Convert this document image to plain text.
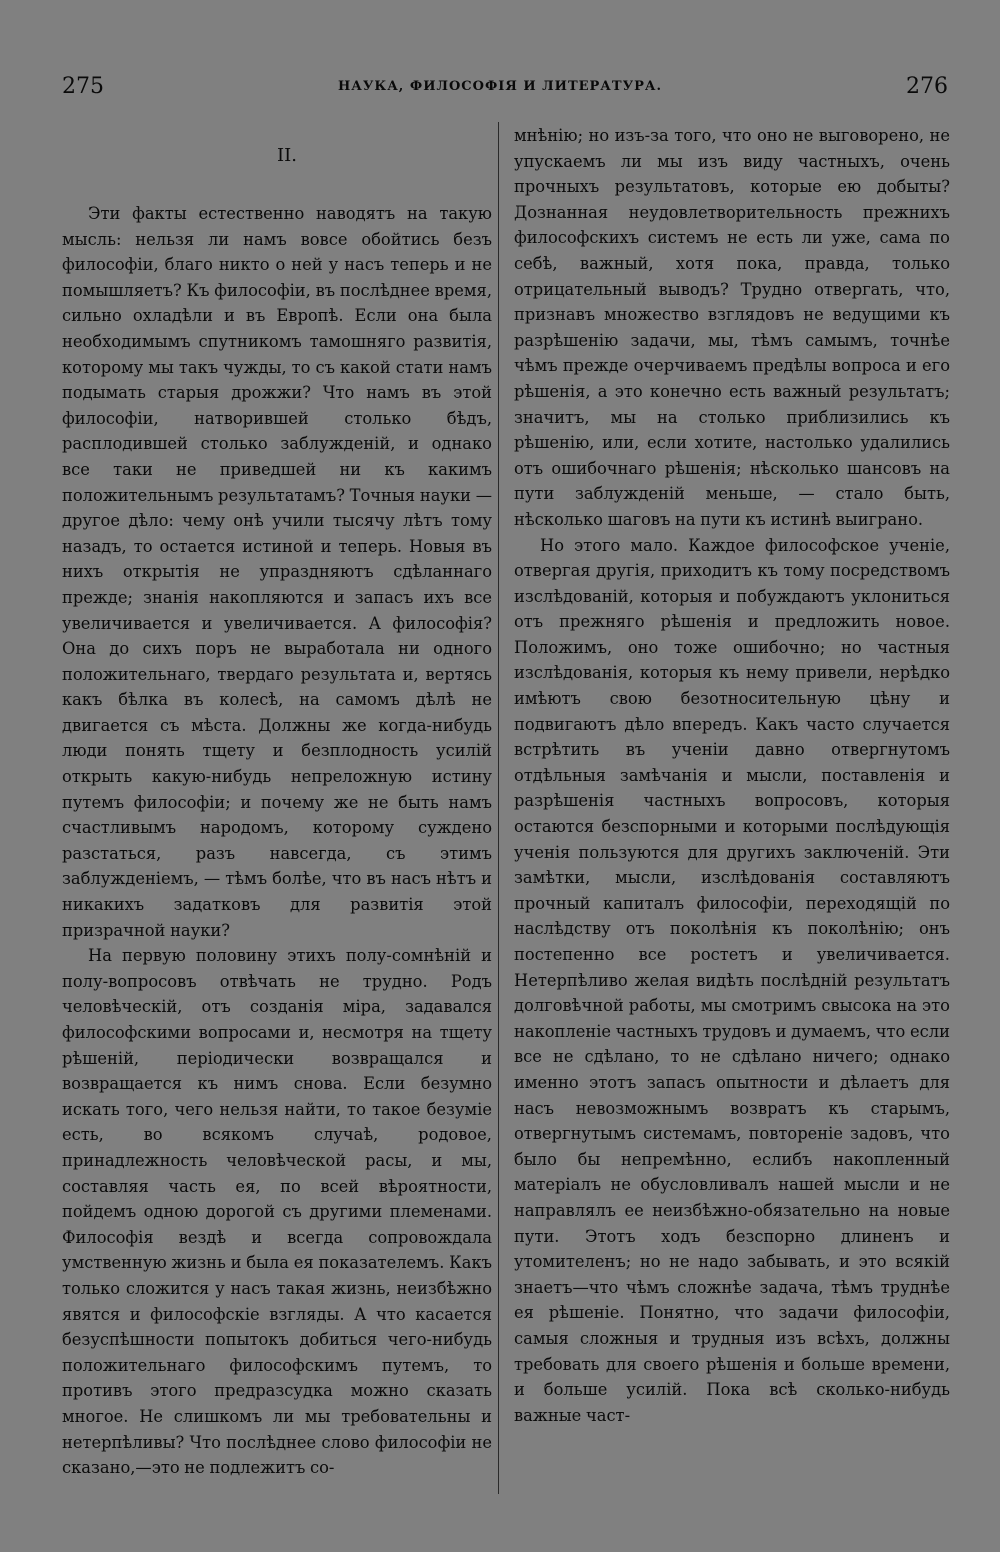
275	НАУКА, ФИЛОСОФІЯ И ЛИТЕРАТУРА.	276
II.

Эти факты естественно наводятъ на такую мысль: нельзя ли намъ вовсе обойтись безъ философіи, благо никто о ней у насъ теперь и не помышляетъ? Къ философіи, въ послѣднее время, сильно охладѣли и въ Европѣ. Если она была необходимымъ спутникомъ тамошняго развитія, которому мы такъ чужды, то съ какой стати намъ подымать старыя дрожжи? Что намъ въ этой философіи, натворившей столько бѣдъ, расплодившей столько заблужденій, и однако все таки не приведшей ни къ какимъ положительнымъ результатамъ? Точныя науки — другое дѣло: чему онѣ учили тысячу лѣтъ тому назадъ, то остается истиной и теперь. Новыя въ нихъ открытія не упраздняютъ сдѣланнаго прежде; знанія накопляются и запасъ ихъ все увеличивается и увеличивается. А философія? Она до сихъ поръ не выработала ни одного положительнаго, твердаго результата и, вертясь какъ бѣлка въ колесѣ, на самомъ дѣлѣ не двигается съ мѣста. Должны же когда-нибудь люди понять тщету и безплодность усилій открыть какую-нибудь непреложную истину путемъ философіи; и почему же не быть намъ счастливымъ народомъ, которому суждено разстаться, разъ навсегда, съ этимъ заблужденіемъ, — тѣмъ болѣе, что въ насъ нѣтъ и никакихъ задатковъ для развитія этой призрачной науки?

На первую половину этихъ полу-сомнѣній и полу-вопросовъ отвѣчать не трудно. Родъ человѣческій, отъ созданія міра, задавался философскими вопросами и, несмотря на тщету рѣшеній, періодически возвращался и возвращается къ нимъ снова. Если безумно искать того, чего нельзя найти, то такое безуміе есть, во всякомъ случаѣ, родовое, принадлежность человѣческой расы, и мы, составляя часть ея, по всей вѣроятности, пойдемъ одною дорогой съ другими племенами. Философія вездѣ и всегда сопровождала умственную жизнь и была ея показателемъ. Какъ только сложится у насъ такая жизнь, неизбѣжно явятся и философскіе взгляды. А что касается безуспѣшности попытокъ добиться чего-нибудь положительнаго философскимъ путемъ, то противъ этого предразсудка можно сказать многое. Не слишкомъ ли мы требовательны и нетерпѣливы? Что послѣднее слово философіи не сказано,—это не подлежитъ со-

мнѣнію; но изъ-за того, что оно не выговорено, не упускаемъ ли мы изъ виду частныхъ, очень прочныхъ результатовъ, которые ею добыты? Дознанная неудовлетворительность прежнихъ философскихъ системъ не есть ли уже, сама по себѣ, важный, хотя пока, правда, только отрицательный выводъ? Трудно отвергать, что, признавъ множество взглядовъ не ведущими къ разрѣшенію задачи, мы, тѣмъ самымъ, точнѣе чѣмъ прежде очерчиваемъ предѣлы вопроса и его рѣшенія, а это конечно есть важный результатъ; значитъ, мы на столько приблизились къ рѣшенію, или, если хотите, настолько удалились отъ ошибочнаго рѣшенія; нѣсколько шансовъ на пути заблужденій меньше, — стало быть, нѣсколько шаговъ на пути къ истинѣ выиграно.

Но этого мало. Каждое философское ученіе, отвергая другія, приходитъ къ тому посредствомъ изслѣдованій, которыя и побуждаютъ уклониться отъ прежняго рѣшенія и предложить новое. Положимъ, оно тоже ошибочно; но частныя изслѣдованія, которыя къ нему привели, нерѣдко имѣютъ свою безотносительную цѣну и подвигаютъ дѣло впередъ. Какъ часто случается встрѣтить въ ученіи давно отвергнутомъ отдѣльныя замѣчанія и мысли, поставленія и разрѣшенія частныхъ вопросовъ, которыя остаются безспорными и которыми послѣдующія ученія пользуются для другихъ заключеній. Эти замѣтки, мысли, изслѣдованія составляютъ прочный капиталъ философіи, переходящій по наслѣдству отъ поколѣнія къ поколѣнію; онъ постепенно все ростетъ и увеличивается. Нетерпѣливо желая видѣть послѣдній результатъ долговѣчной работы, мы смотримъ свысока на это накопленіе частныхъ трудовъ и думаемъ, что если все не сдѣлано, то не сдѣлано ничего; однако именно этотъ запасъ опытности и дѣлаетъ для насъ невозможнымъ возвратъ къ старымъ, отвергнутымъ системамъ, повтореніе задовъ, что было бы непремѣнно, еслибъ накопленный матеріалъ не обусловливалъ нашей мысли и не направлялъ ее неизбѣжно-обязательно на новые пути. Этотъ ходъ безспорно длиненъ и утомителенъ; но не надо забывать, и это всякій знаетъ—что чѣмъ сложнѣе задача, тѣмъ труднѣе ея рѣшеніе. Понятно, что задачи философіи, самыя сложныя и трудныя изъ всѣхъ, должны требовать для своего рѣшенія и больше времени, и больше усилій. Пока всѣ сколько-нибудь важные част-
